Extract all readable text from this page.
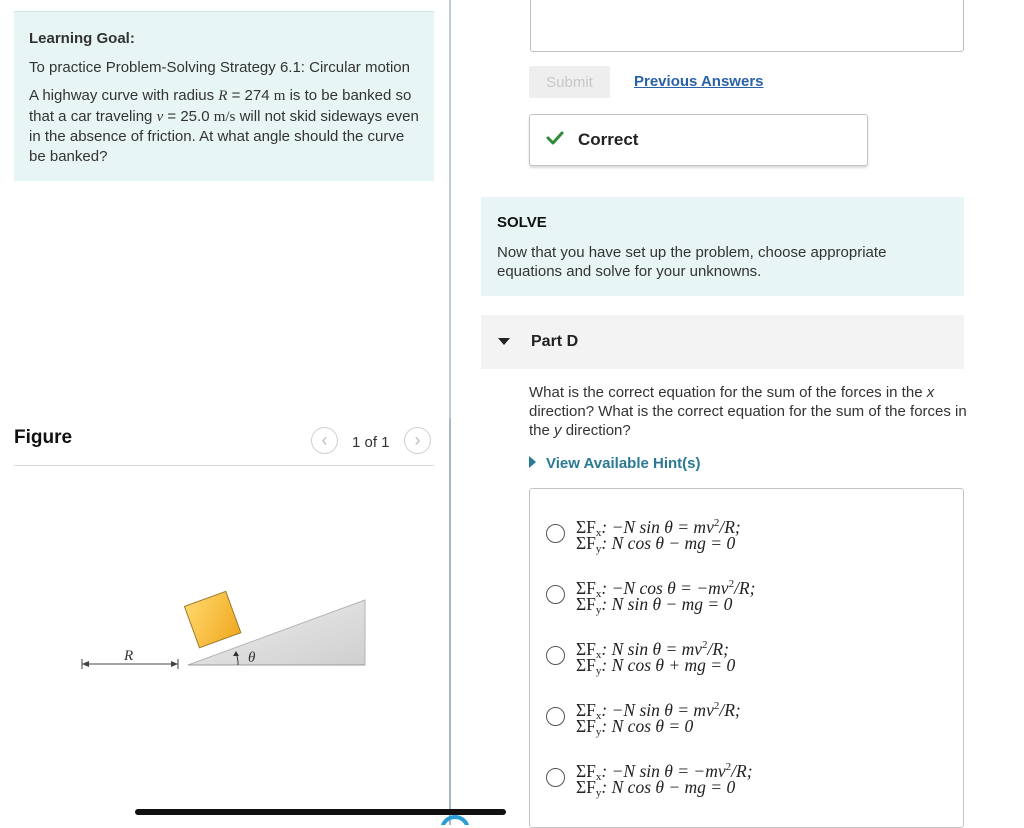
Learning Goal:
To practice Problem-Solving Strategy 6.1: Circular motion
A highway curve with radius R = 274 m is to be banked so that a car traveling v = 25.0 m/s will not skid sideways even in the absence of friction. At what angle should the curve be banked?
Figure	‹	1 of 1	›
θ
R
Submit	Previous Answers
Correct
SOLVE
Now that you have set up the problem, choose appropriate equations and solve for your unknowns.
Part D
What is the correct equation for the sum of the forces in the x direction? What is the correct equation for the sum of the forces in the y direction?
View Available Hint(s)
$\Sigma F_x$: −N $\sin \theta = mv^2/R$;
$\Sigma F_y$: N cos θ − mg = 0
$\Sigma F_x$: −N $\cos \theta = -mv^2/R$;
$\Sigma F_y$: N sin θ − mg = 0
$\Sigma F_x$: N $\sin \theta = mv^2/R$;
$\Sigma F_y$: N cos θ + mg = 0
$\Sigma F_x$: −N $\sin \theta = mv^2/R$;
$\Sigma F_y$: N cos θ = 0
$\Sigma F_x$: −N $\sin \theta = -mv^2/R$;
$\Sigma F_y$: N cos θ − mg = 0
